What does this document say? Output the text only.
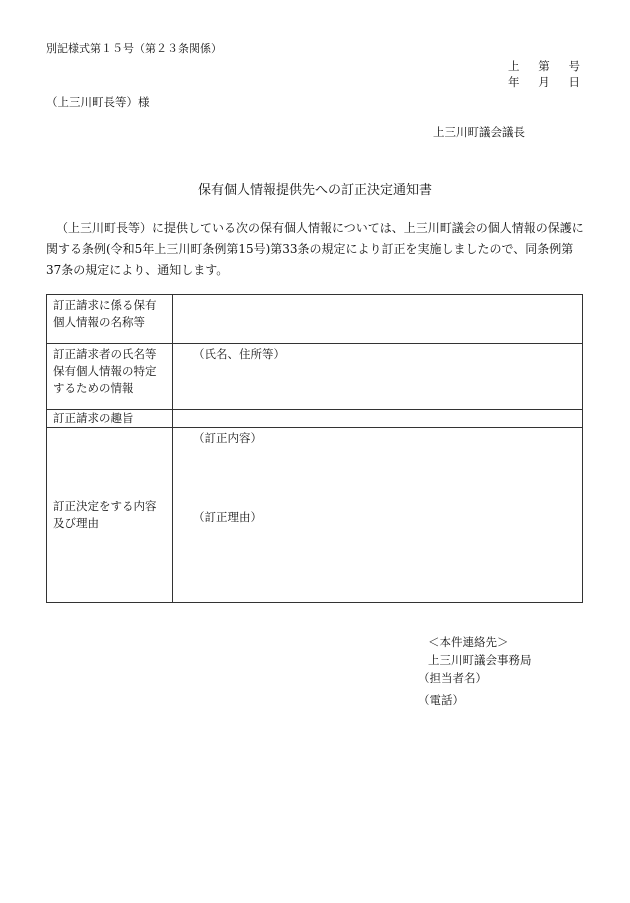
別記様式第１５号（第２３条関係）
上 第 号
年 月 日
（上三川町長等）様
上三川町議会議長
保有個人情報提供先への訂正決定通知書
（上三川町長等）に提供している次の保有個人情報については、上三川町議会の個人情報の保護に関する条例(令和5年上三川町条例第15号)第33条の規定により訂正を実施しましたので、同条例第37条の規定により、通知します。
訂正請求に係る保有個人情報の名称等	
訂正請求者の氏名等保有個人情報の特定するための情報	（氏名、住所等）

訂正請求の趣旨	
訂正決定をする内容及び理由	（訂正内容）
（訂正理由）
＜本件連絡先＞
上三川町議会事務局
（担当者名）
（電話）
